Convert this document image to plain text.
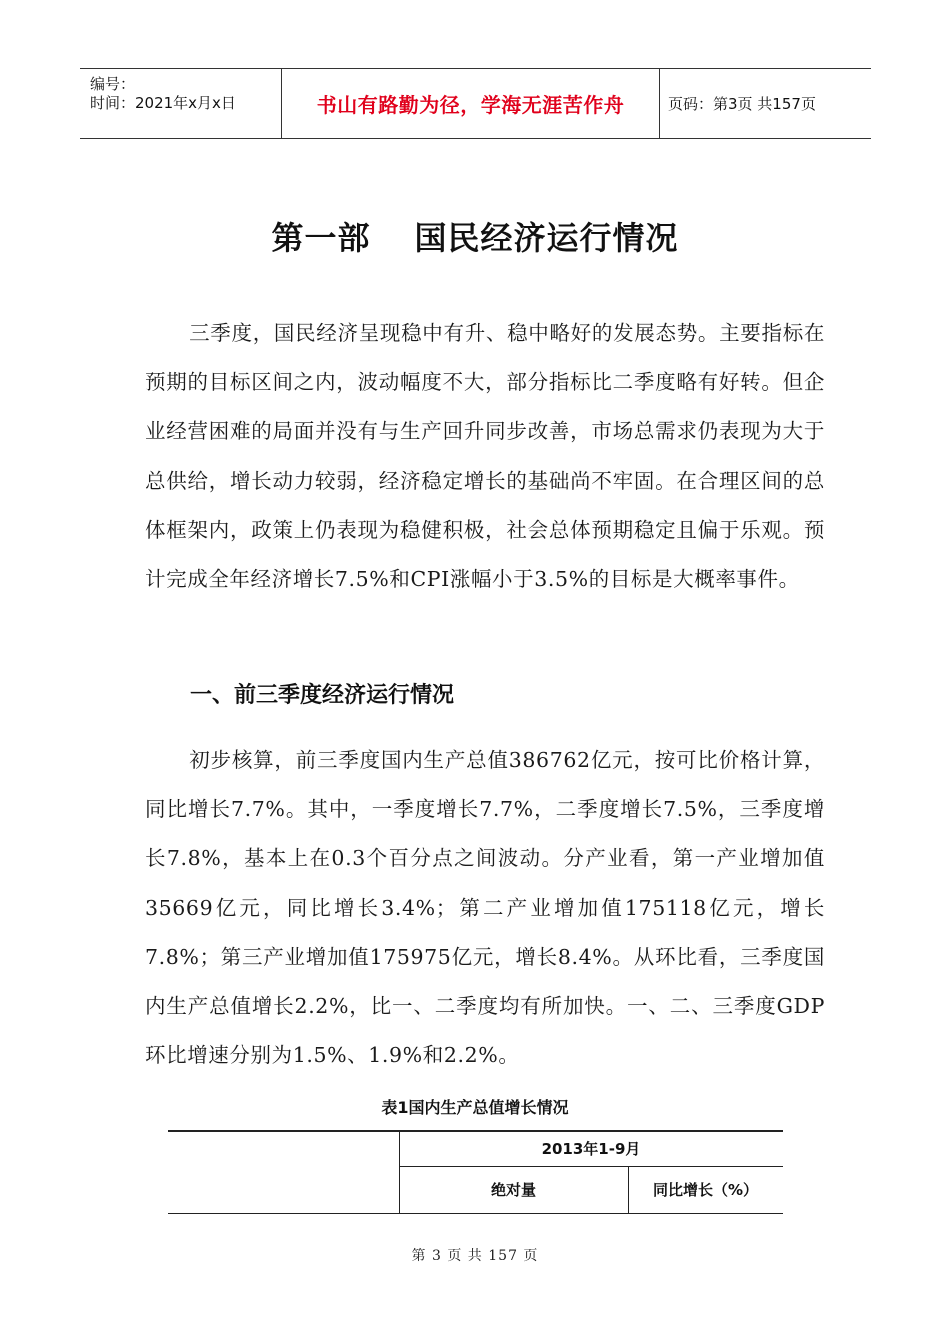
编号：
时间：2021年x月x日	书山有路勤为径，学海无涯苦作舟	页码：第3页 共157页
第一部 国民经济运行情况

三季度，国民经济呈现稳中有升、稳中略好的发展态势。主要指标在预期的目标区间之内，波动幅度不大，部分指标比二季度略有好转。但企业经营困难的局面并没有与生产回升同步改善，市场总需求仍表现为大于总供给，增长动力较弱，经济稳定增长的基础尚不牢固。在合理区间的总体框架内，政策上仍表现为稳健积极，社会总体预期稳定且偏于乐观。预计完成全年经济增长7.5%和CPI涨幅小于3.5%的目标是大概率事件。

一、前三季度经济运行情况

初步核算，前三季度国内生产总值386762亿元，按可比价格计算，同比增长7.7%。其中，一季度增长7.7%，二季度增长7.5%，三季度增长7.8%，基本上在0.3个百分点之间波动。分产业看，第一产业增加值35669亿元，同比增长3.4%；第二产业增加值175118亿元，增长7.8%；第三产业增加值175975亿元，增长8.4%。从环比看，三季度国内生产总值增长2.2%，比一、二季度均有所加快。一、二、三季度GDP环比增速分别为1.5%、1.9%和2.2%。

表1国内生产总值增长情况
2013年1-9月
绝对量	同比增长（%）
第 3 页 共 157 页
